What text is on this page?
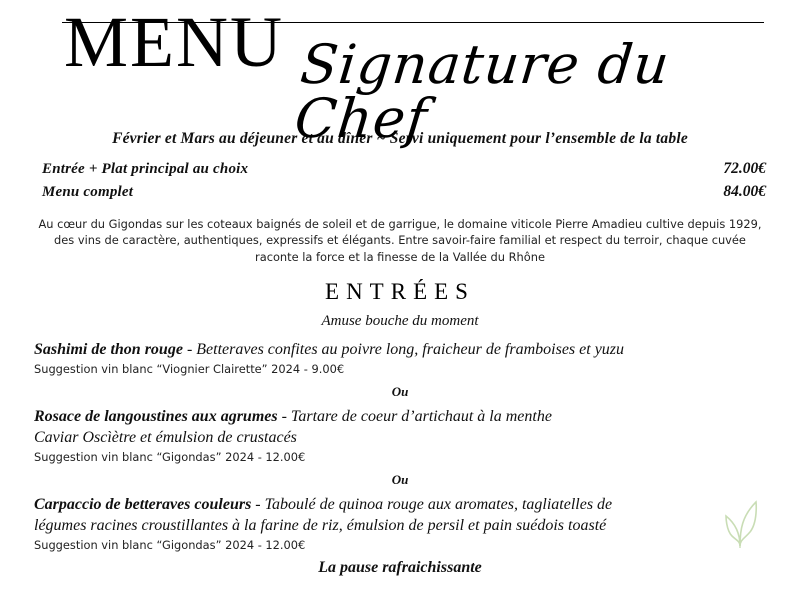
MENU Signature du Chef
Février et Mars au déjeuner et au dîner ~ Servi uniquement pour l’ensemble de la table
Entrée + Plat principal au choix	72.00€
Menu complet	84.00€
Au cœur du Gigondas sur les coteaux baignés de soleil et de garrigue, le domaine viticole Pierre Amadieu cultive depuis 1929, des vins de caractère, authentiques, expressifs et élégants. Entre savoir-faire familial et respect du terroir, chaque cuvée raconte la force et la finesse de la Vallée du Rhône
ENTRÉES
Amuse bouche du moment
Sashimi de thon rouge - Betteraves confites au poivre long, fraicheur de framboises et yuzu
Suggestion vin blanc “Viognier Clairette” 2024 - 9.00€
Ou
Rosace de langoustines aux agrumes - Tartare de coeur d’artichaut à la menthe
Caviar Oscìètre et émulsion de crustacés
Suggestion vin blanc “Gigondas” 2024 - 12.00€
Ou
Carpaccio de betteraves couleurs - Taboulé de quinoa rouge aux aromates, tagliatelles de
légumes racines croustillantes à la farine de riz, émulsion de persil et pain suédois toasté
Suggestion vin blanc “Gigondas” 2024 - 12.00€
La pause rafraichissante
